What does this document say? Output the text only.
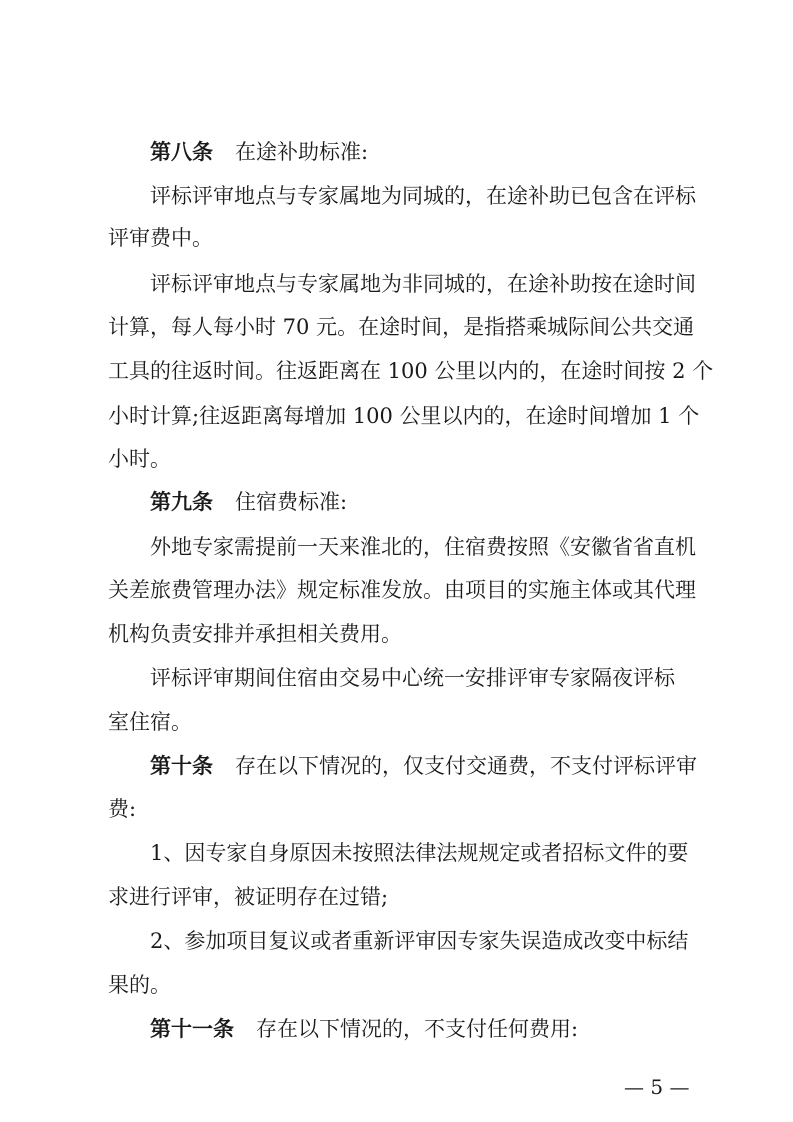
第八条 在途补助标准:
评标评审地点与专家属地为同城的，在途补助已包含在评标
评审费中。
评标评审地点与专家属地为非同城的，在途补助按在途时间
计算，每人每小时 70 元。在途时间，是指搭乘城际间公共交通
工具的往返时间。往返距离在 100 公里以内的，在途时间按 2 个
小时计算;往返距离每增加 100 公里以内的，在途时间增加 1 个
小时。
第九条 住宿费标准:
外地专家需提前一天来淮北的，住宿费按照《安徽省省直机
关差旅费管理办法》规定标准发放。由项目的实施主体或其代理
机构负责安排并承担相关费用。
评标评审期间住宿由交易中心统一安排评审专家隔夜评标
室住宿。
第十条 存在以下情况的，仅支付交通费，不支付评标评审
费:
1、因专家自身原因未按照法律法规规定或者招标文件的要
求进行评审，被证明存在过错;
2、参加项目复议或者重新评审因专家失误造成改变中标结
果的。
第十一条 存在以下情况的，不支付任何费用:
— 5 —
